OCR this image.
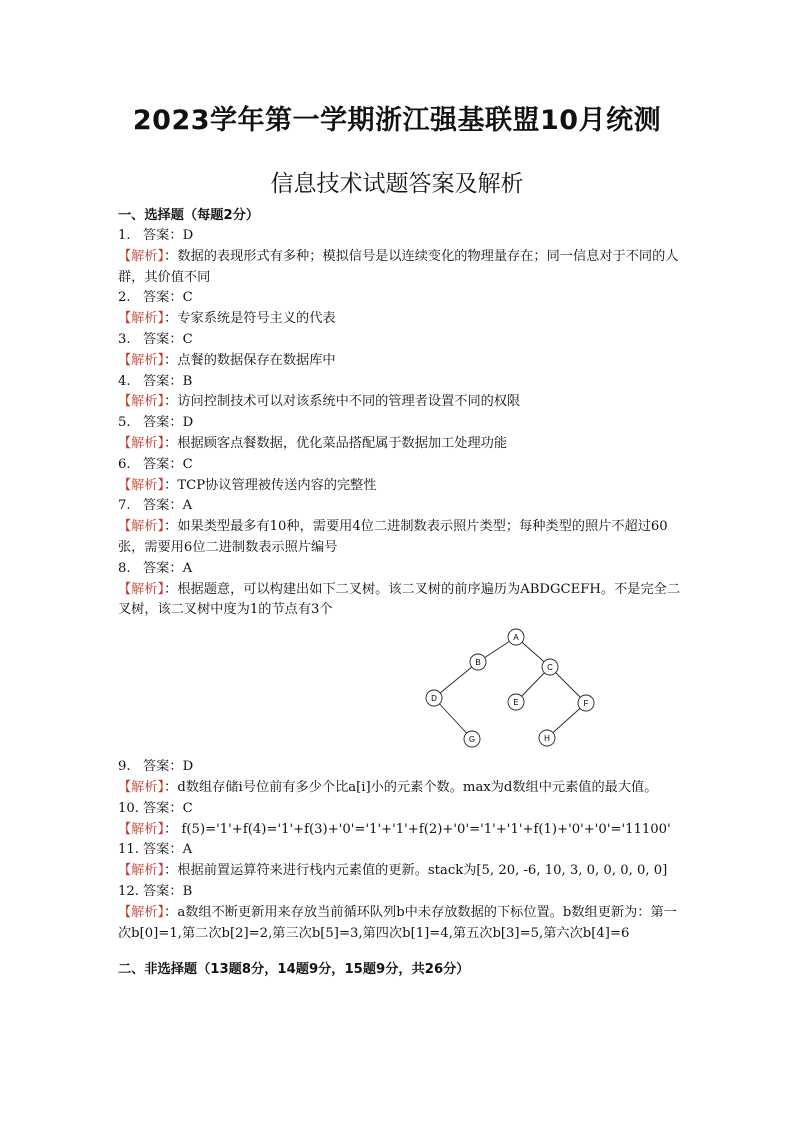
2023学年第一学期浙江强基联盟10月统测
信息技术试题答案及解析
一、选择题（每题2分）
1. 答案：D
【解析】：数据的表现形式有多种；模拟信号是以连续变化的物理量存在；同一信息对于不同的人群，其价值不同
2. 答案：C
【解析】：专家系统是符号主义的代表
3. 答案：C
【解析】：点餐的数据保存在数据库中
4. 答案：B
【解析】：访问控制技术可以对该系统中不同的管理者设置不同的权限
5. 答案：D
【解析】：根据顾客点餐数据，优化菜品搭配属于数据加工处理功能
6. 答案：C
【解析】：TCP协议管理被传送内容的完整性
7. 答案：A
【解析】：如果类型最多有10种，需要用4位二进制数表示照片类型；每种类型的照片不超过60张，需要用6位二进制数表示照片编号
8. 答案：A
【解析】：根据题意，可以构建出如下二叉树。该二叉树的前序遍历为ABDGCEFH。不是完全二叉树，该二叉树中度为1的节点有3个
A
B
C
D	E	F
G	H
9. 答案：D
【解析】：d数组存储i号位前有多少个比a[i]小的元素个数。max为d数组中元素值的最大值。
10. 答案：C
【解析】： f(5)='1'+f(4)='1'+f(3)+'0'='1'+'1'+f(2)+'0'='1'+'1'+f(1)+'0'+'0'='11100'
11. 答案：A
【解析】：根据前置运算符来进行栈内元素值的更新。stack为[5, 20, -6, 10, 3, 0, 0, 0, 0, 0]
12. 答案：B
【解析】：a数组不断更新用来存放当前循环队列b中未存放数据的下标位置。b数组更新为：第一次b[0]=1,第二次b[2]=2,第三次b[5]=3,第四次b[1]=4,第五次b[3]=5,第六次b[4]=6
二、非选择题（13题8分，14题9分，15题9分，共26分）
